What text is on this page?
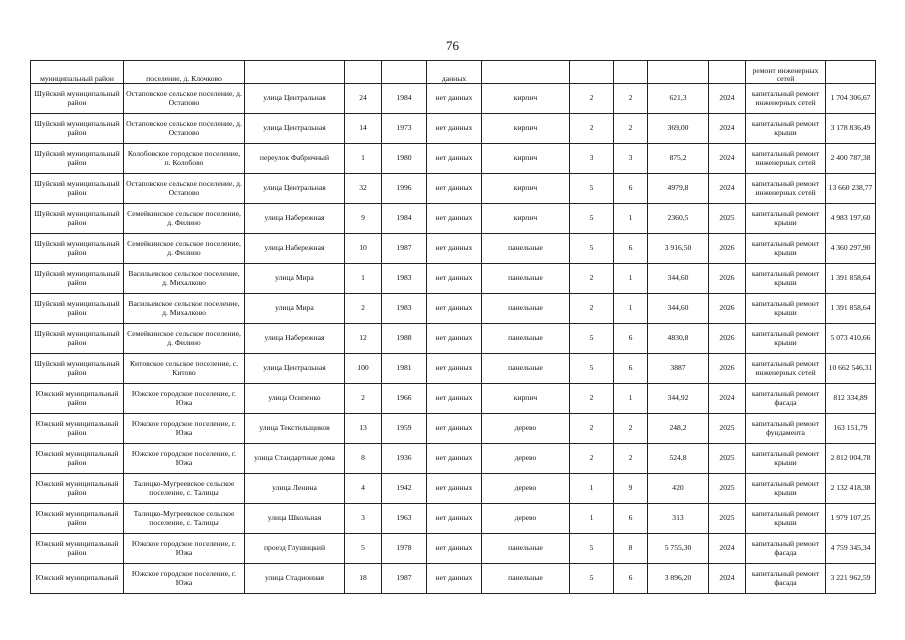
76
муниципальный район	поселение, д. Клочково				данных						ремонт инженерных сетей	
Шуйский муниципальный район	Остаповское сельское поселение, д. Остапово	улица Центральная	24	1984	нет данных	кирпич	2	2	621,3	2024	капитальный ремонт инженерных сетей	1 704 306,67
Шуйский муниципальный район	Остаповское сельское поселение, д. Остапово	улица Центральная	14	1973	нет данных	кирпич	2	2	369,00	2024	капитальный ремонт крыши	3 178 836,49
Шуйский муниципальный район	Колобовское городское поселение, п. Колобово	переулок Фабричный	1	1980	нет данных	кирпич	3	3	875,2	2024	капитальный ремонт инженерных сетей	2 400 787,38
Шуйский муниципальный район	Остаповское сельское поселение, д. Остапово	улица Центральная	32	1996	нет данных	кирпич	5	6	4979,8	2024	капитальный ремонт инженерных сетей	13 660 238,77
Шуйский муниципальный район	Семейкинское сельское поселение, д. Филино	улица Набережная	9	1984	нет данных	кирпич	5	1	2360,5	2025	капитальный ремонт крыши	4 983 197,60
Шуйский муниципальный район	Семейкинское сельское поселение, д. Филино	улица Набережная	10	1987	нет данных	панельные	5	6	3 916,50	2026	капитальный ремонт крыши	4 360 297,90
Шуйский муниципальный район	Васильевское сельское поселение, д. Михалково	улица Мира	1	1983	нет данных	панельные	2	1	344,60	2026	капитальный ремонт крыши	1 391 858,64
Шуйский муниципальный район	Васильевское сельское поселение, д. Михалково	улица Мира	2	1983	нет данных	панельные	2	1	344,60	2026	капитальный ремонт крыши	1 391 858,64
Шуйский муниципальный район	Семейкинское сельское поселение, д. Филино	улица Набережная	12	1988	нет данных	панельные	5	6	4830,8	2026	капитальный ремонт крыши	5 073 410,66
Шуйский муниципальный район	Китовское сельское поселение, с. Китово	улица Центральная	100	1981	нет данных	панельные	5	6	3887	2026	капитальный ремонт инженерных сетей	10 662 546,31
Южский муниципальный район	Южское городское поселение, г. Южа	улица Осипенко	2	1966	нет данных	кирпич	2	1	344,92	2024	капитальный ремонт фасада	812 334,89
Южский муниципальный район	Южское городское поселение, г. Южа	улица Текстильщиков	13	1959	нет данных	дерево	2	2	248,2	2025	капитальный ремонт фундамента	163 151,79
Южский муниципальный район	Южское городское поселение, г. Южа	улица Стандартные дома	8	1936	нет данных	дерево	2	2	524,8	2025	капитальный ремонт крыши	2 812 004,78
Южский муниципальный район	Талицко-Мугреевское сельское поселение, с. Талицы	улица Ленина	4	1942	нет данных	дерево	1	9	420	2025	капитальный ремонт крыши	2 132 418,38
Южский муниципальный район	Талицко-Мугреевское сельское поселение, с. Талицы	улица Школьная	3	1963	нет данных	дерево	1	6	313	2025	капитальный ремонт крыши	1 979 107,25
Южский муниципальный район	Южское городское поселение, г. Южа	проезд Глушицкий	5	1978	нет данных	панельные	5	8	5 755,30	2024	капитальный ремонт фасада	4 759 345,34
Южский муниципальный	Южское городское поселение, г. Южа	улица Стадионная	18	1987	нет данных	панельные	5	6	3 896,20	2024	капитальный ремонт фасада	3 221 962,59
